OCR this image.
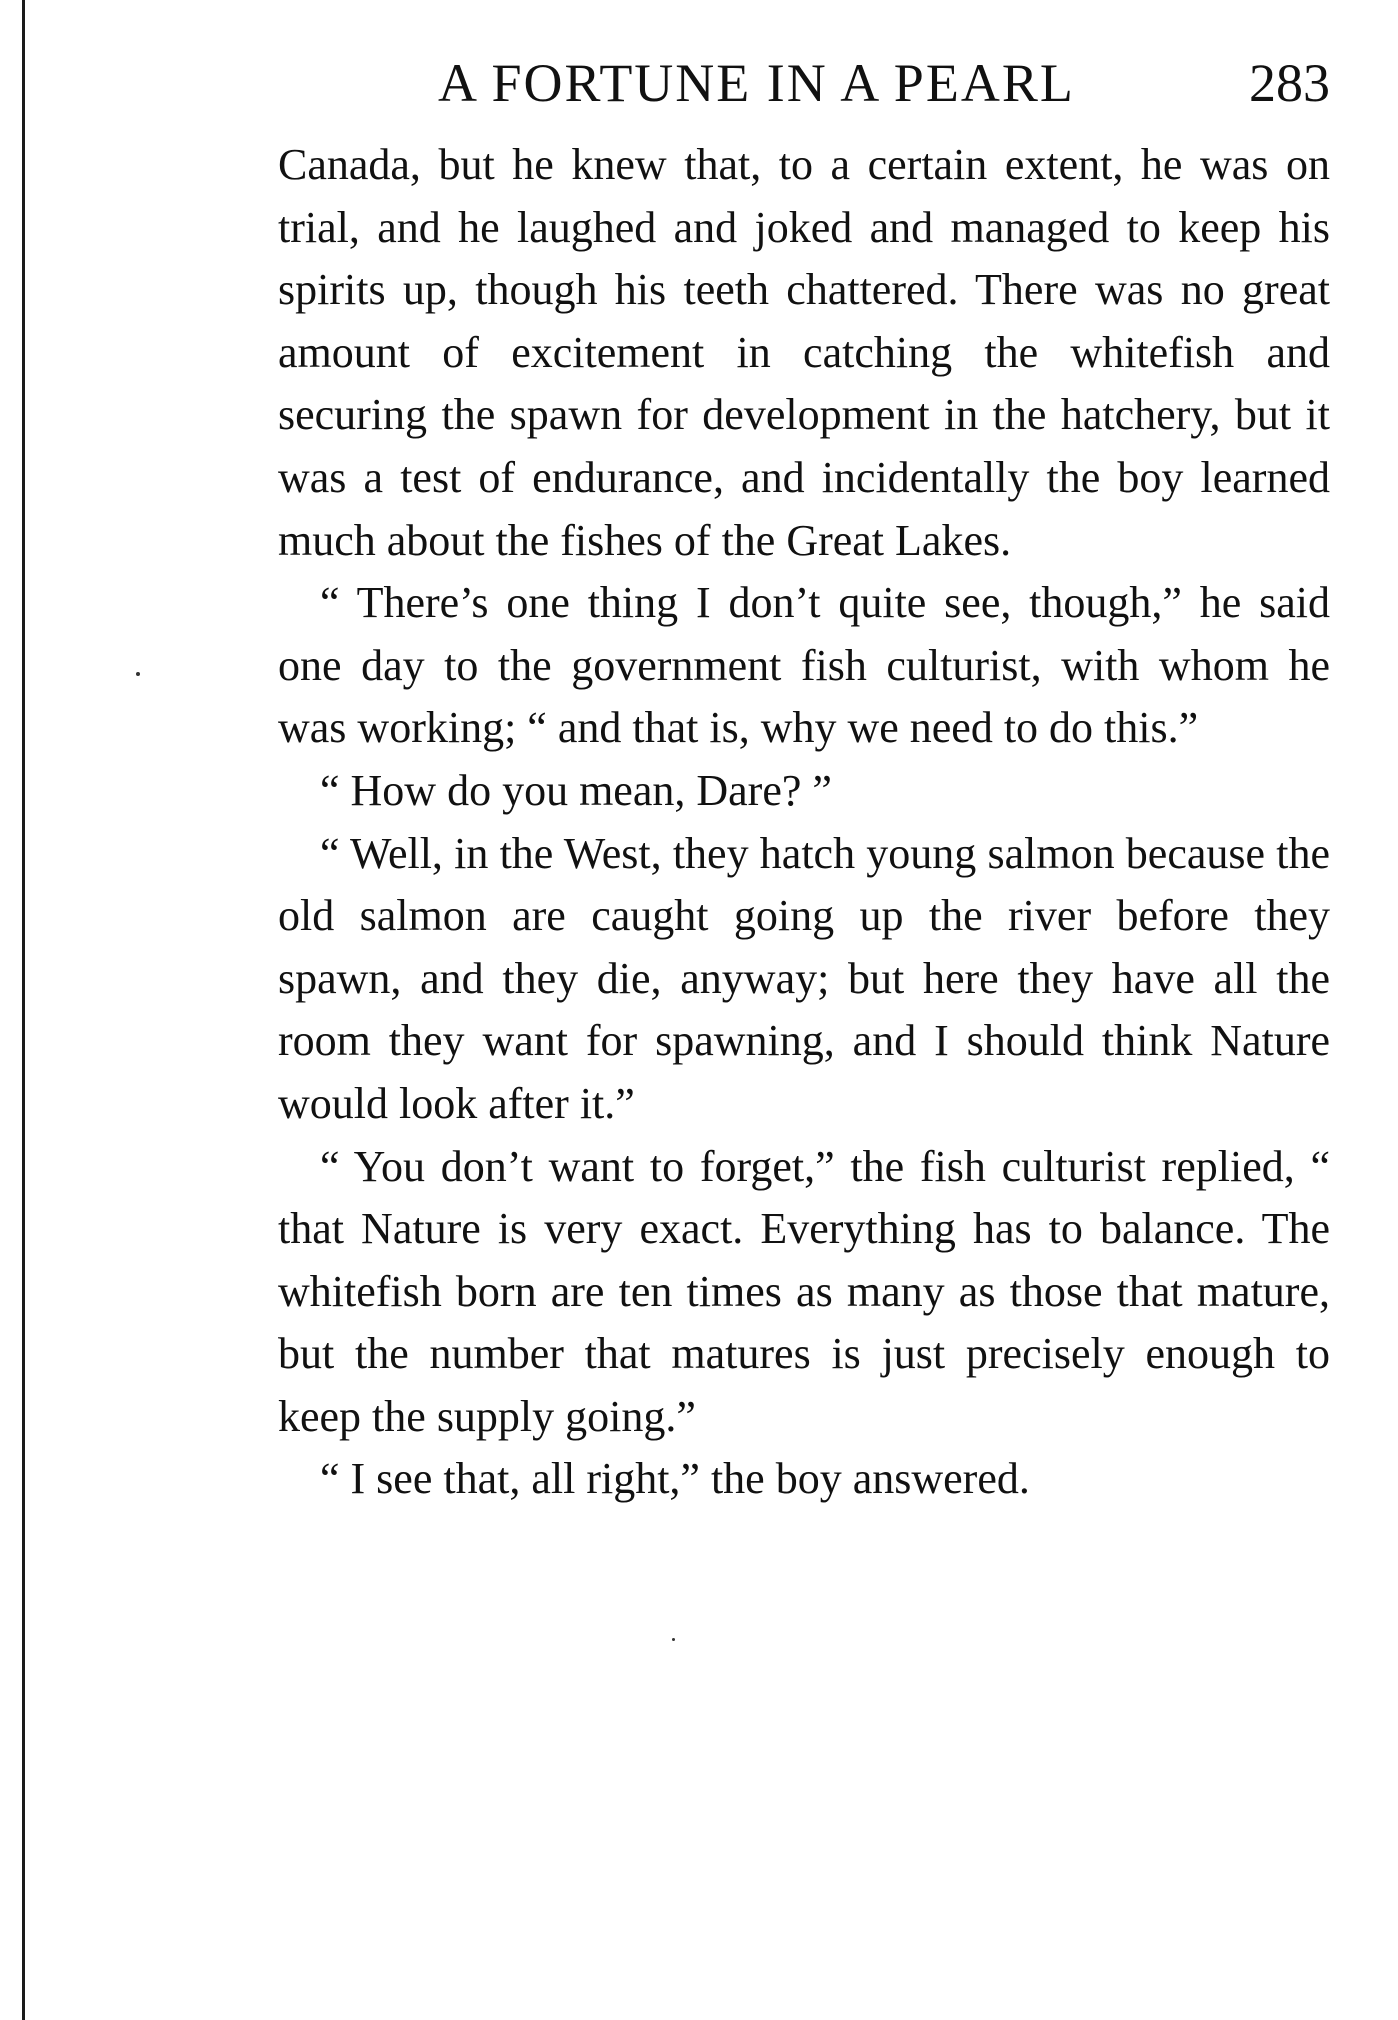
A FORTUNE IN A PEARL	283

Canada, but he knew that, to a certain extent, he was on trial, and he laughed and joked and managed to keep his spirits up, though his teeth chattered. There was no great amount of excitement in catching the whitefish and securing the spawn for development in the hatchery, but it was a test of endurance, and incidentally the boy learned much about the fishes of the Great Lakes.

“ There’s one thing I don’t quite see, though,” he said one day to the government fish culturist, with whom he was working; “ and that is, why we need to do this.”

“ How do you mean, Dare? ”

“ Well, in the West, they hatch young salmon because the old salmon are caught going up the river before they spawn, and they die, anyway; but here they have all the room they want for spawning, and I should think Nature would look after it.”

“ You don’t want to forget,” the fish culturist replied, “ that Nature is very exact. Everything has to balance. The whitefish born are ten times as many as those that mature, but the number that matures is just precisely enough to keep the supply going.”

“ I see that, all right,” the boy answered.
